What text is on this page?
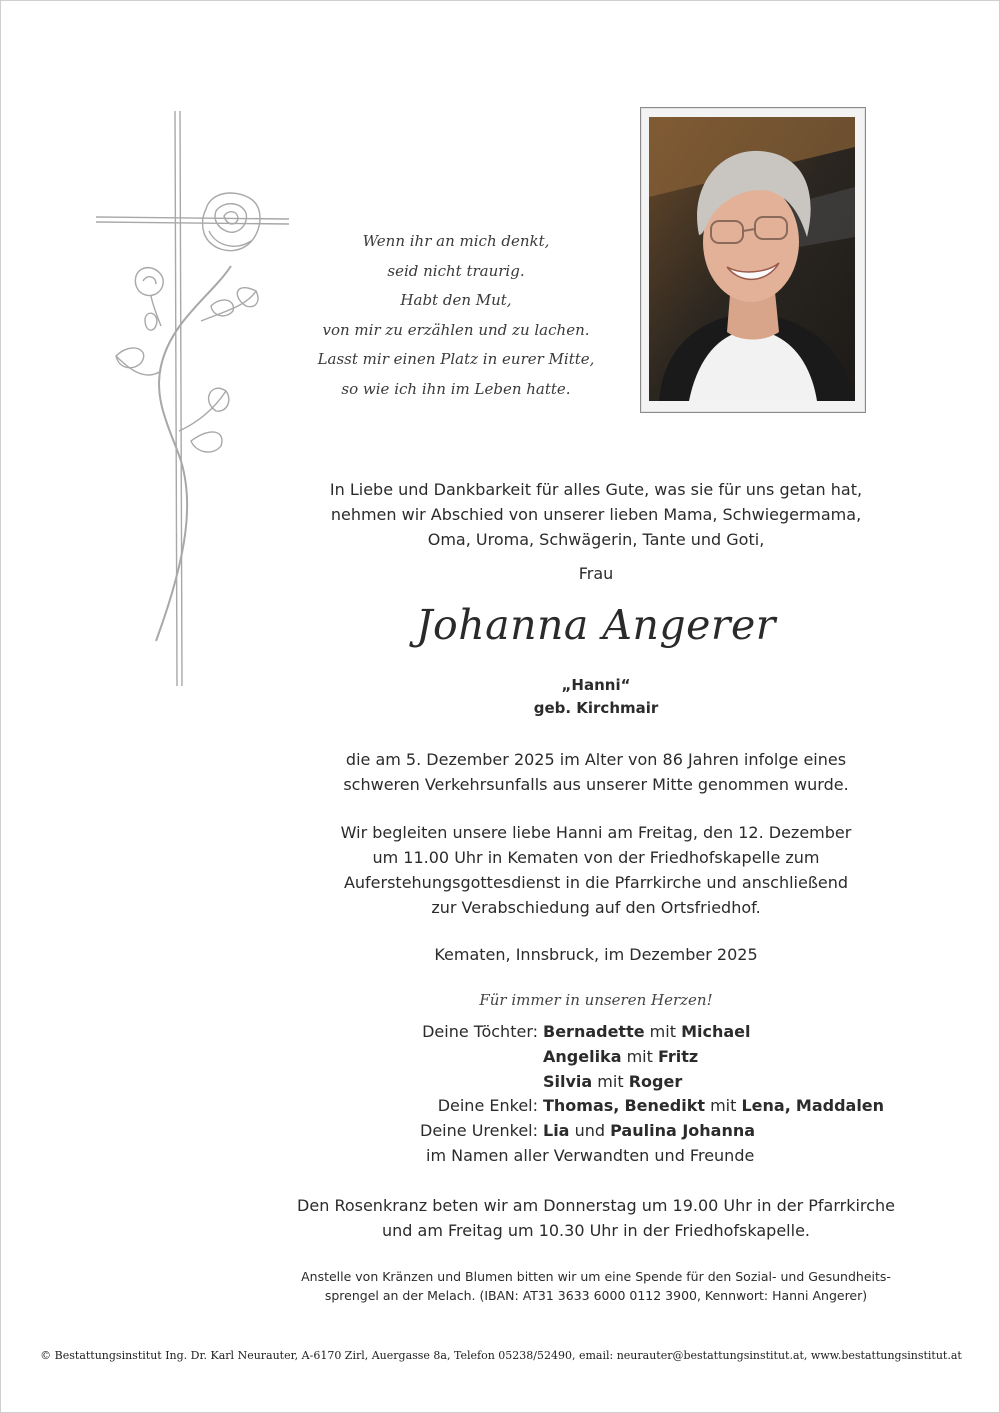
Wenn ihr an mich denkt,
seid nicht traurig.
Habt den Mut,
von mir zu erzählen und zu lachen.
Lasst mir einen Platz in eurer Mitte,
so wie ich ihn im Leben hatte.
In Liebe und Dankbarkeit für alles Gute, was sie für uns getan hat,
nehmen wir Abschied von unserer lieben Mama, Schwiegermama,
Oma, Uroma, Schwägerin, Tante und Goti,
Frau
Johanna Angerer
„Hanni“
geb. Kirchmair
die am 5. Dezember 2025 im Alter von 86 Jahren infolge eines
schweren Verkehrsunfalls aus unserer Mitte genommen wurde.
Wir begleiten unsere liebe Hanni am Freitag, den 12. Dezember
um 11.00 Uhr in Kematen von der Friedhofskapelle zum
Auferstehungsgottesdienst in die Pfarrkirche und anschließend
zur Verabschiedung auf den Ortsfriedhof.
Kematen, Innsbruck, im Dezember 2025
Für immer in unseren Herzen!
Deine Töchter: Bernadette mit Michael
Angelika mit Fritz
Silvia mit Roger
Deine Enkel: Thomas, Benedikt mit Lena, Maddalen
Deine Urenkel: Lia und Paulina Johanna
im Namen aller Verwandten und Freunde
Den Rosenkranz beten wir am Donnerstag um 19.00 Uhr in der Pfarrkirche
und am Freitag um 10.30 Uhr in der Friedhofskapelle.
Anstelle von Kränzen und Blumen bitten wir um eine Spende für den Sozial- und Gesundheits-
sprengel an der Melach. (IBAN: AT31 3633 6000 0112 3900, Kennwort: Hanni Angerer)
© Bestattungsinstitut Ing. Dr. Karl Neurauter, A-6170 Zirl, Auergasse 8a, Telefon 05238/52490, email: neurauter@bestattungsinstitut.at, www.bestattungsinstitut.at
